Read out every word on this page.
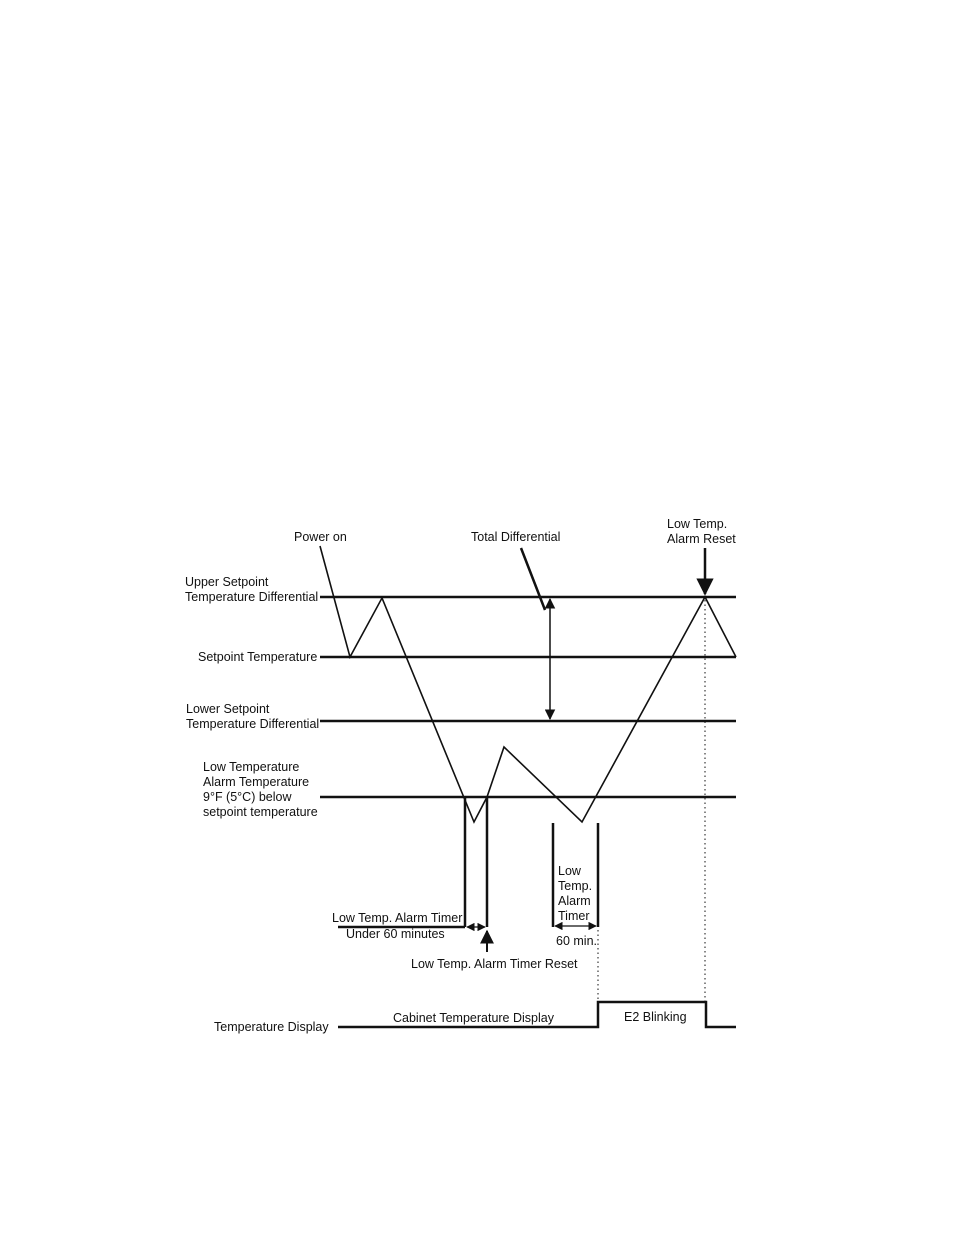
Power on	Total Differential
Low Temp.
Alarm Reset
Upper Setpoint
Temperature Differential
Setpoint Temperature
Lower Setpoint
Temperature Differential
Low Temperature
Alarm Temperature
9°F (5°C) below
setpoint temperature
Low Temp. Alarm Timer
Under 60 minutes
Low Temp. Alarm Timer Reset
Low
Temp.
Alarm
Timer
60 min.
Temperature Display
Cabinet Temperature Display	E2 Blinking
